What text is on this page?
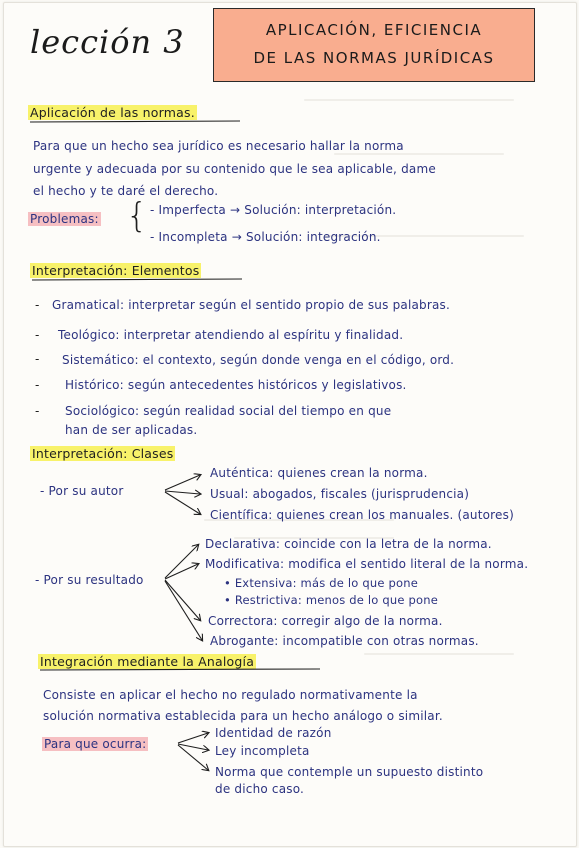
lección 3	APLICACIÓN, EFICIENCIA
DE LAS NORMAS JURÍDICAS
Aplicación de las normas.
Para que un hecho sea jurídico es necesario hallar la norma
urgente y adecuada por su contenido que le sea aplicable, dame
el hecho y te daré el derecho.
Problemas: { - Imperfecta → Solución: interpretación.
- Incompleta → Solución: integración.
Interpretación: Elementos
- Gramatical: interpretar según el sentido propio de sus palabras.
- Teológico: interpretar atendiendo al espíritu y finalidad.
- Sistemático: el contexto, según donde venga en el código, ord.
- Histórico: según antecedentes históricos y legislativos.
- Sociológico: según realidad social del tiempo en que
han de ser aplicadas.
Interpretación: Clases
- Por su autor
Auténtica: quienes crean la norma.
Usual: abogados, fiscales (jurisprudencia)
Científica: quienes crean los manuales. (autores)
- Por su resultado
Declarativa: coincide con la letra de la norma.
Modificativa: modifica el sentido literal de la norma.
• Extensiva: más de lo que pone
• Restrictiva: menos de lo que pone
Correctora: corregir algo de la norma.
Abrogante: incompatible con otras normas.
Integración mediante la Analogía
Consiste en aplicar el hecho no regulado normativamente la
solución normativa establecida para un hecho análogo o similar.
Para que ocurra:
Identidad de razón
Ley incompleta
Norma que contemple un supuesto distinto
de dicho caso.
